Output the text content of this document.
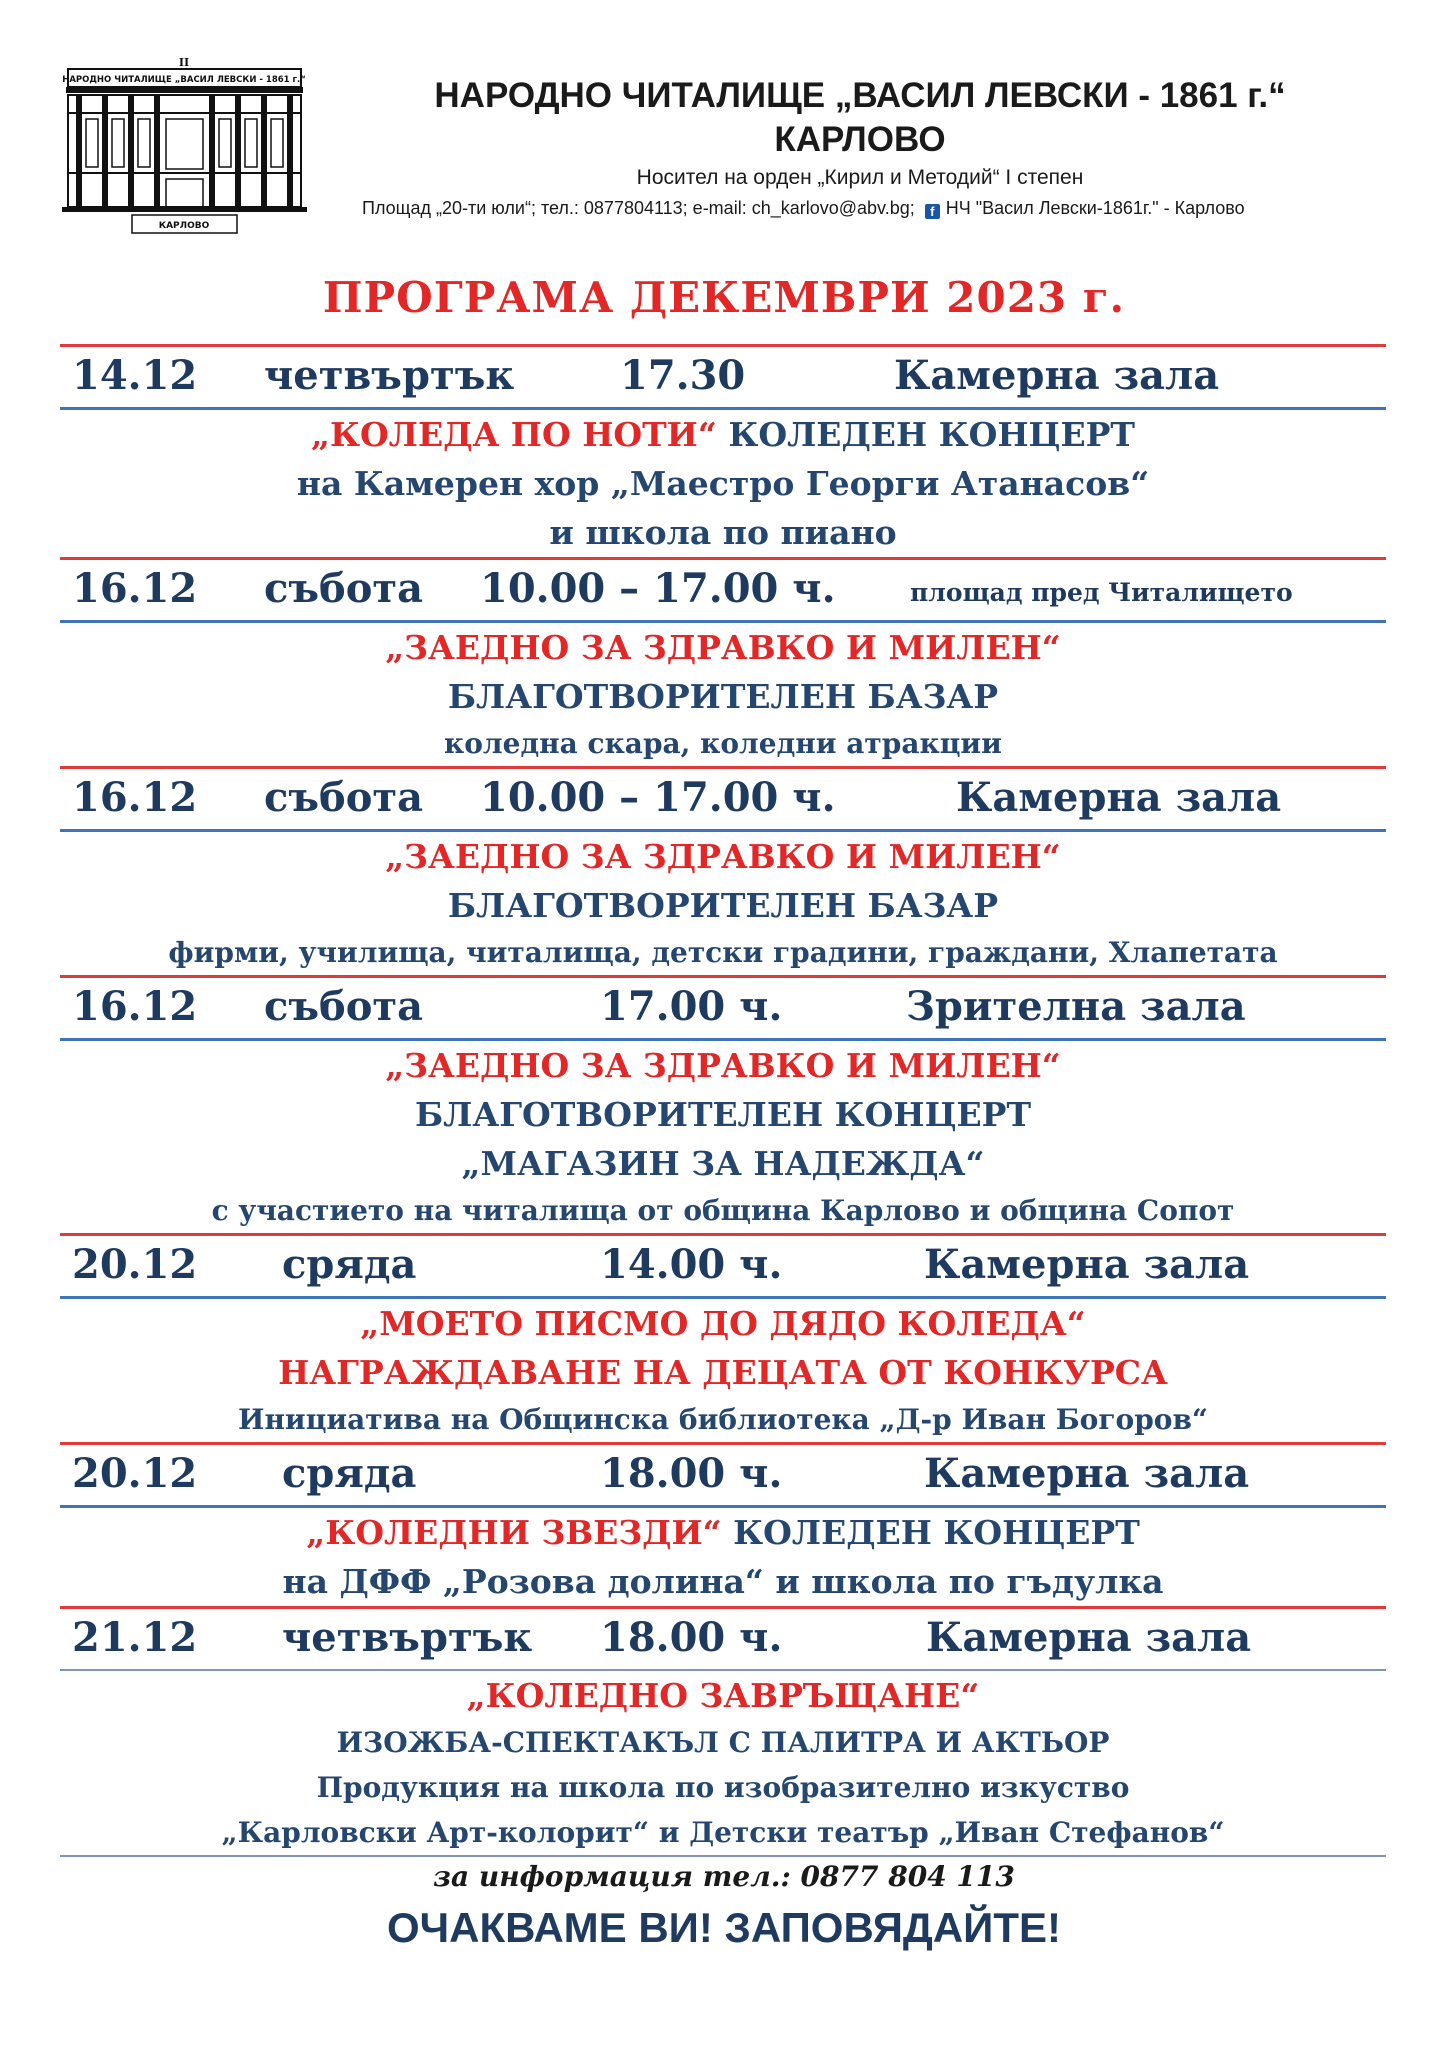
II
НАРОДНО ЧИТАЛИЩЕ „ВАСИЛ ЛЕВСКИ - 1861 г.“
КАРЛОВО
НАРОДНО ЧИТАЛИЩЕ „ВАСИЛ ЛЕВСКИ - 1861 г.“
КАРЛОВО
Носител на орден „Кирил и Методий“ I степен
Площад „20-ти юли“; тел.: 0877804113; e-mail: ch_karlovo@abv.bg; f НЧ "Васил Левски-1861г." - Карлово
ПРОГРАМА ДЕКЕМВРИ 2023 г.
14.12 четвъртък	17.30	Камерна зала
„КОЛЕДА ПО НОТИ“ КОЛЕДЕН КОНЦЕРТ
на Камерен хор „Маестро Георги Атанасов“
и школа по пиано
16.12 събота 10.00 – 17.00 ч.	площад пред Читалището
„ЗАЕДНО ЗА ЗДРАВКО И МИЛЕН“
БЛАГОТВОРИТЕЛЕН БАЗАР
коледна скара, коледни атракции
16.12 събота 10.00 – 17.00 ч.	Камерна зала
„ЗАЕДНО ЗА ЗДРАВКО И МИЛЕН“
БЛАГОТВОРИТЕЛЕН БАЗАР
фирми, училища, читалища, детски градини, граждани, Хлапетата
16.12 събота	17.00 ч.	Зрителна зала
„ЗАЕДНО ЗА ЗДРАВКО И МИЛЕН“
БЛАГОТВОРИТЕЛЕН КОНЦЕРТ
„МАГАЗИН ЗА НАДЕЖДА“
с участието на читалища от община Карлово и община Сопот
20.12 сряда	14.00 ч.	Камерна зала
„МОЕТО ПИСМО ДО ДЯДО КОЛЕДА“
НАГРАЖДАВАНЕ НА ДЕЦАТА ОТ КОНКУРСА
Инициатива на Общинска библиотека „Д-р Иван Богоров“
20.12 сряда	18.00 ч.	Камерна зала
„КОЛЕДНИ ЗВЕЗДИ“ КОЛЕДЕН КОНЦЕРТ
на ДФФ „Розова долина“ и школа по гъдулка
21.12 четвъртък 18.00 ч.	Камерна зала
„КОЛЕДНО ЗАВРЪЩАНЕ“
ИЗОЖБА-СПЕКТАКЪЛ С ПАЛИТРА И АКТЬОР
Продукция на школа по изобразително изкуство
„Карловски Арт-колорит“ и Детски театър „Иван Стефанов“
за информация тел.: 0877 804 113
ОЧАКВАМЕ ВИ! ЗАПОВЯДАЙТЕ!
